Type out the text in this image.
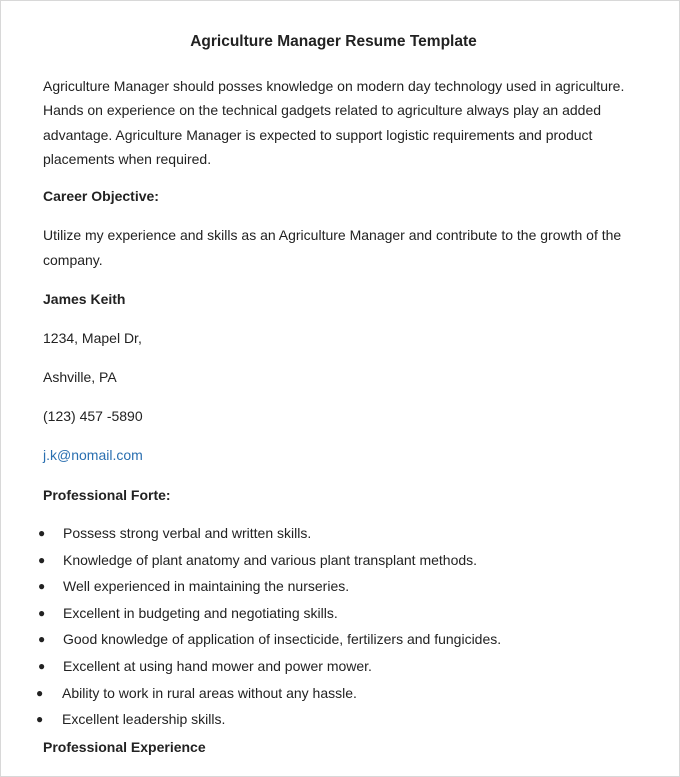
Agriculture Manager Resume Template

Agriculture Manager should posses knowledge on modern day technology used in agriculture. Hands on experience on the technical gadgets related to agriculture always play an added advantage. Agriculture Manager is expected to support logistic requirements and product placements when required.

Career Objective:

Utilize my experience and skills as an Agriculture Manager and contribute to the growth of the company.

James Keith

1234, Mapel Dr,

Ashville, PA

(123) 457 -5890

j.k@nomail.com

Professional Forte:

● Possess strong verbal and written skills.
● Knowledge of plant anatomy and various plant transplant methods.
● Well experienced in maintaining the nurseries.
● Excellent in budgeting and negotiating skills.
● Good knowledge of application of insecticide, fertilizers and fungicides.
● Excellent at using hand mower and power mower.
● Ability to work in rural areas without any hassle.
● Excellent leadership skills.

Professional Experience
